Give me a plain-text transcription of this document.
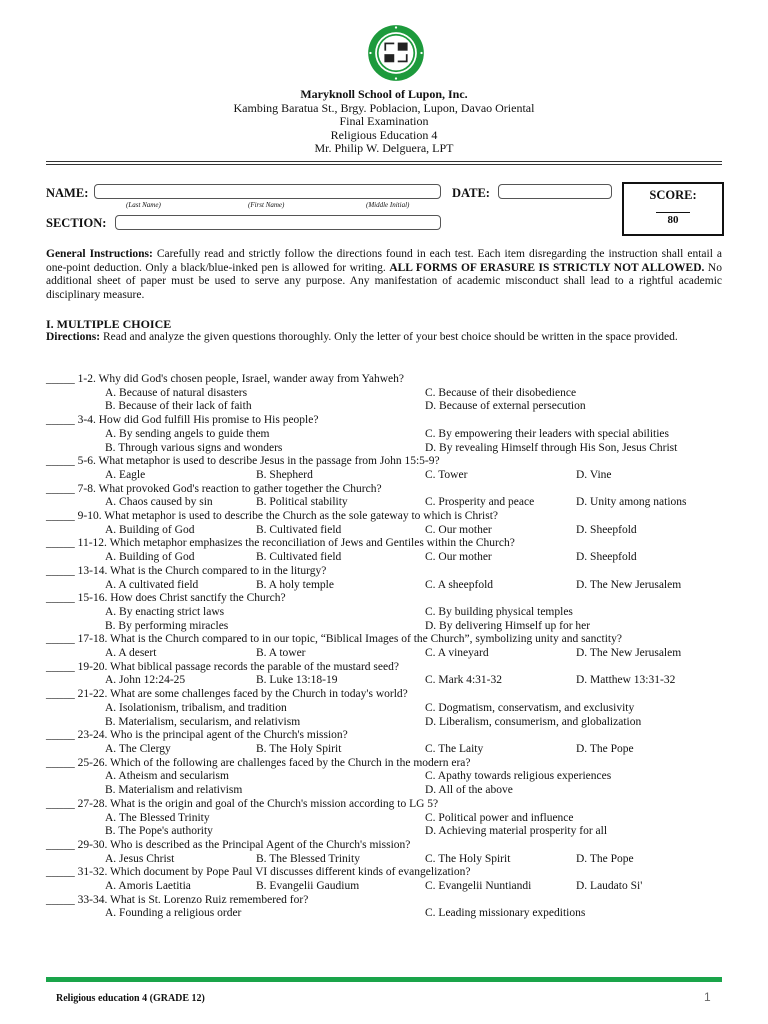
Maryknoll School of Lupon, Inc.
Kambing Baratua St., Brgy. Poblacion, Lupon, Davao Oriental
Final Examination
Religious Education 4
Mr. Philip W. Delguera, LPT
NAME:
(Last Name)	(First Name)	(Middle Initial)
DATE:
SECTION:
SCORE:
80
General Instructions: Carefully read and strictly follow the directions found in each test. Each item disregarding the instruction shall entail a one-point deduction. Only a black/blue-inked pen is allowed for writing. ALL FORMS OF ERASURE IS STRICTLY NOT ALLOWED. No additional sheet of paper must be used to serve any purpose. Any manifestation of academic misconduct shall lead to a rightful academic disciplinary measure.
I. MULTIPLE CHOICE
Directions: Read and analyze the given questions thoroughly. Only the letter of your best choice should be written in the space provided.
_____ 1-2. Why did God's chosen people, Israel, wander away from Yahweh?
A. Because of natural disasters	C. Because of their disobedience
B. Because of their lack of faith	D. Because of external persecution
_____ 3-4. How did God fulfill His promise to His people?
A. By sending angels to guide them	C. By empowering their leaders with special abilities
B. Through various signs and wonders	D. By revealing Himself through His Son, Jesus Christ
_____ 5-6. What metaphor is used to describe Jesus in the passage from John 15:5-9?
A. Eagle	B. Shepherd	C. Tower	D. Vine
_____ 7-8. What provoked God's reaction to gather together the Church?
A. Chaos caused by sin	B. Political stability	C. Prosperity and peace	D. Unity among nations
_____ 9-10. What metaphor is used to describe the Church as the sole gateway to which is Christ?
A. Building of God	B. Cultivated field	C. Our mother	D. Sheepfold
_____ 11-12. Which metaphor emphasizes the reconciliation of Jews and Gentiles within the Church?
A. Building of God	B. Cultivated field	C. Our mother	D. Sheepfold
_____ 13-14. What is the Church compared to in the liturgy?
A. A cultivated field	B. A holy temple	C. A sheepfold	D. The New Jerusalem
_____ 15-16. How does Christ sanctify the Church?
A. By enacting strict laws	C. By building physical temples
B. By performing miracles	D. By delivering Himself up for her
_____ 17-18. What is the Church compared to in our topic, “Biblical Images of the Church”, symbolizing unity and sanctity?
A. A desert	B. A tower	C. A vineyard	D. The New Jerusalem
_____ 19-20. What biblical passage records the parable of the mustard seed?
A. John 12:24-25	B. Luke 13:18-19	C. Mark 4:31-32	D. Matthew 13:31-32
_____ 21-22. What are some challenges faced by the Church in today's world?
A. Isolationism, tribalism, and tradition	C. Dogmatism, conservatism, and exclusivity
B. Materialism, secularism, and relativism	D. Liberalism, consumerism, and globalization
_____ 23-24. Who is the principal agent of the Church's mission?
A. The Clergy	B. The Holy Spirit	C. The Laity	D. The Pope
_____ 25-26. Which of the following are challenges faced by the Church in the modern era?
A. Atheism and secularism	C. Apathy towards religious experiences
B. Materialism and relativism	D. All of the above
_____ 27-28. What is the origin and goal of the Church's mission according to LG 5?
A. The Blessed Trinity	C. Political power and influence
B. The Pope's authority	D. Achieving material prosperity for all
_____ 29-30. Who is described as the Principal Agent of the Church's mission?
A. Jesus Christ	B. The Blessed Trinity	C. The Holy Spirit	D. The Pope
_____ 31-32. Which document by Pope Paul VI discusses different kinds of evangelization?
A. Amoris Laetitia	B. Evangelii Gaudium	C. Evangelii Nuntiandi	D. Laudato Si'
_____ 33-34. What is St. Lorenzo Ruiz remembered for?
A. Founding a religious order	C. Leading missionary expeditions
Religious education 4 (GRADE 12)	1
